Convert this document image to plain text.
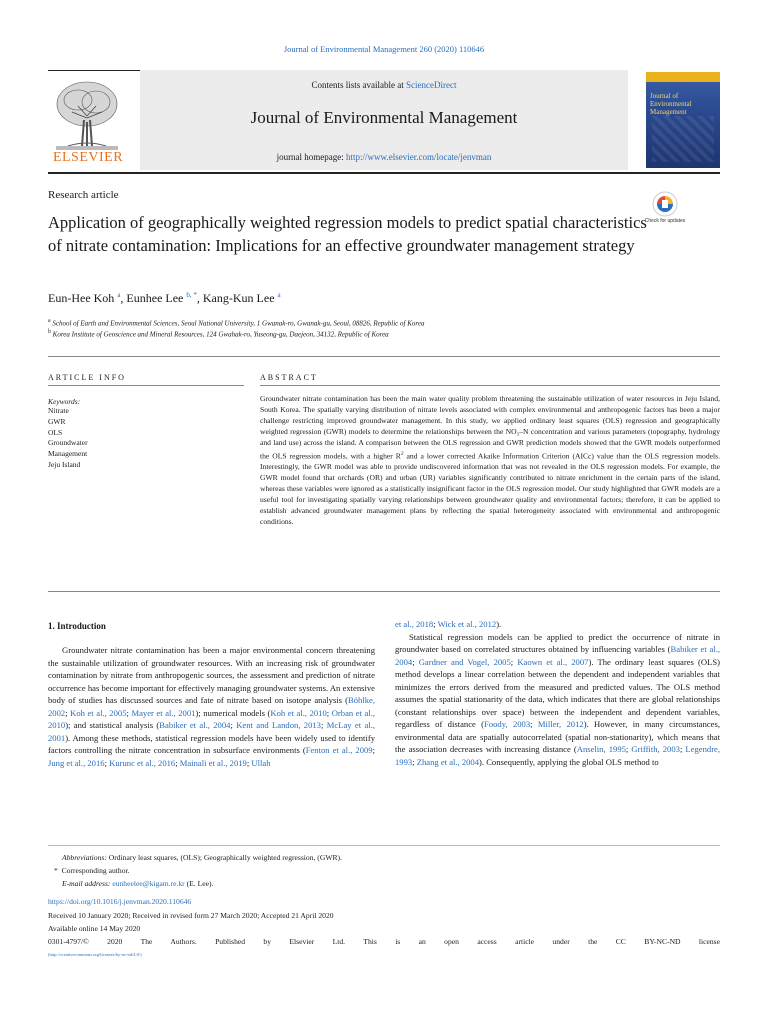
Journal of Environmental Management 260 (2020) 110646
ELSEVIER
Contents lists available at ScienceDirect
Journal of Environmental Management
journal homepage: http://www.elsevier.com/locate/jenvman
Journal of Environmental Management
Research article
Application of geographically weighted regression models to predict spatial characteristics of nitrate contamination: Implications for an effective groundwater management strategy
Check for updates
Eun-Hee Koh $^a$, Eunhee Lee $^{b, *}$, Kang-Kun Lee $^a$
$^a$ School of Earth and Environmental Sciences, Seoul National University, 1 Gwanak-ro, Gwanak-gu, Seoul, 08826, Republic of Korea
$^b$ Korea Institute of Geoscience and Mineral Resources, 124 Gwahak-ro, Yuseong-gu, Daejeon, 34132, Republic of Korea
ARTICLE INFO	ABSTRACT
Keywords:
Nitrate
GWR
OLS
Groundwater
Management
Jeju Island
Groundwater nitrate contamination has been the main water quality problem threatening the sustainable utilization of water resources in Jeju Island, South Korea. The spatially varying distribution of nitrate levels associated with complex environmental and anthropogenic factors has been a major challenge restricting improved groundwater management. In this study, we applied ordinary least squares (OLS) regression and geographically weighted regression (GWR) models to determine the relationships between the NO₃–N concentration and various parameters (topography, hydrology and land use) across the island. A comparison between the OLS regression and GWR prediction models showed that the GWR models outperformed the OLS regression models, with a higher $R^2$ and a lower corrected Akaike Information Criterion (AICc) value than the OLS regression models. Interestingly, the GWR model was able to provide undiscovered information that was not revealed in the OLS regression models. For example, the GWR model found that orchards (OR) and urban (UR) variables significantly contributed to nitrate enrichment in the certain parts of the island, whereas these variables were ignored as a statistically insignificant factor in the OLS regression model. Our study highlighted that GWR models are a useful tool for investigating spatially varying relationships between groundwater quality and environmental factors; therefore, it can be applied to establish advanced groundwater management plans by reflecting the spatial heterogeneity associated with environmental and anthropogenic conditions.
1. Introduction
Groundwater nitrate contamination has been a major environmental concern threatening the sustainable utilization of groundwater resources. With an increasing risk of groundwater contamination by nitrate from anthropogenic sources, the assessment and prediction of nitrate occurrence has become important for effectively managing groundwater systems. An extensive body of studies has discussed sources and fate of nitrate based on isotope analysis (Böhlke, 2002; Koh et al., 2005; Mayer et al., 2001); numerical models (Koh et al., 2010; Orban et al., 2010); and statistical analysis (Babiker et al., 2004; Kent and Landon, 2013; McLay et al., 2001). Among these methods, statistical regression models have been widely used to identify factors controlling the nitrate concentration in subsurface environments (Fenton et al., 2009; Jung et al., 2016; Kurunc et al., 2016; Mainali et al., 2019; Ullah
et al., 2018; Wick et al., 2012).
Statistical regression models can be applied to predict the occurrence of nitrate in groundwater based on correlated structures obtained by influencing variables (Babiker et al., 2004; Gardner and Vogel, 2005; Kaown et al., 2007). The ordinary least squares (OLS) method develops a linear correlation between the dependent and independent variables that minimizes the errors derived from the measured and predicted values. The OLS method assumes the spatial stationarity of the data, which indicates that there are global relationships (constant relationships over space) between the independent and dependent variables, regardless of distance (Foody, 2003; Miller, 2012). However, in many circumstances, environmental data are spatially autocorrelated (spatial non-stationarity), which means that the association decreases with increasing distance (Anselin, 1995; Griffith, 2003; Legendre, 1993; Zhang et al., 2004). Consequently, applying the global OLS method to
Abbreviations: Ordinary least squares, (OLS); Geographically weighted regression, (GWR).
* Corresponding author.
E-mail address: eunheelee@kigam.re.kr (E. Lee).
https://doi.org/10.1016/j.jenvman.2020.110646
Received 10 January 2020; Received in revised form 27 March 2020; Accepted 21 April 2020
Available online 14 May 2020
0301-4797/© 2020 The Authors. Published by Elsevier Ltd. This is an open access article under the CC BY-NC-ND license
(http://creativecommons.org/licenses/by-nc-nd/4.0/)
